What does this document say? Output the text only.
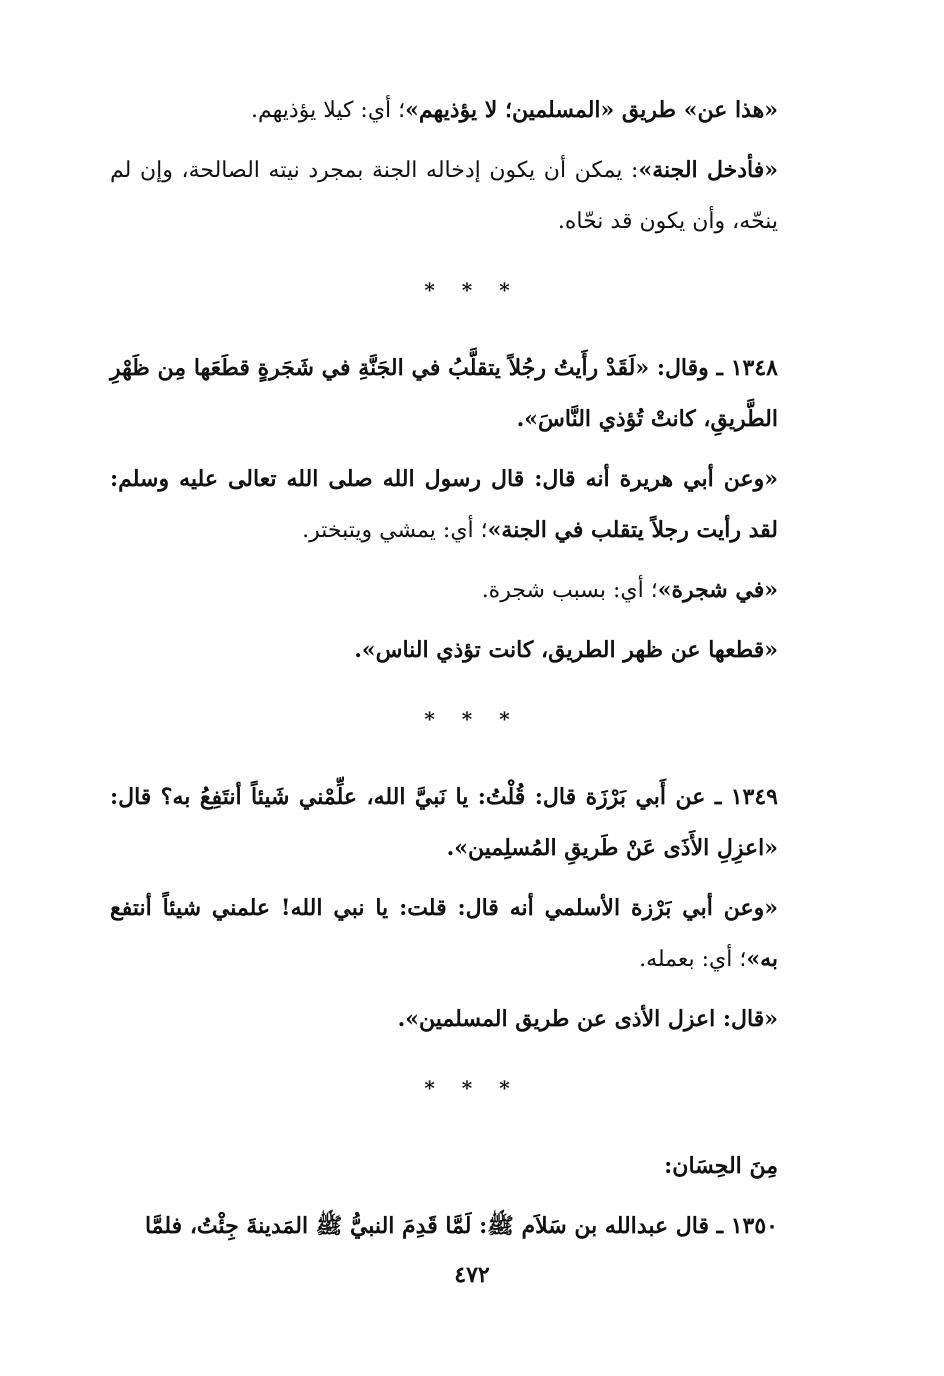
«هذا عن» طريق «المسلمين؛ لا يؤذيهم»؛ أي: كيلا يؤذيهم.

«فأدخل الجنة»: يمكن أن يكون إدخاله الجنة بمجرد نيته الصالحة، وإن لم ينحّه، وأن يكون قد نحّاه.

* * *

١٣٤٨ ـ وقال: «لَقَدْ رأَيتُ رجُلاً يتقلَّبُ في الجَنَّةِ في شَجَرةٍ قطَعَها مِن ظَهْرِ الطَّريقِ، كانتْ تُؤذي النَّاسَ».

«وعن أبي هريرة أنه قال: قال رسول الله صلى الله تعالى عليه وسلم: لقد رأيت رجلاً يتقلب في الجنة»؛ أي: يمشي ويتبختر.

«في شجرة»؛ أي: بسبب شجرة.

«قطعها عن ظهر الطريق، كانت تؤذي الناس».

* * *

١٣٤٩ ـ عن أَبي بَرْزَة قال: قُلْتُ: يا نَبيَّ الله، علِّمْني شَيئاً أنتَفِعُ به؟ قال: «اعزِلِ الأَذَى عَنْ طَريقِ المُسلِمين».

«وعن أبي بَرْزة الأسلمي أنه قال: قلت: يا نبي الله! علمني شيئاً أنتفع به»؛ أي: بعمله.

«قال: اعزل الأذى عن طريق المسلمين».

* * *

مِنَ الحِسَان:

١٣٥٠ ـ قال عبدالله بن سَلاَم ﷺ: لَمَّا قَدِمَ النبيُّ ﷺ المَدينةَ جِئْتُ، فلمَّا

٤٧٢
